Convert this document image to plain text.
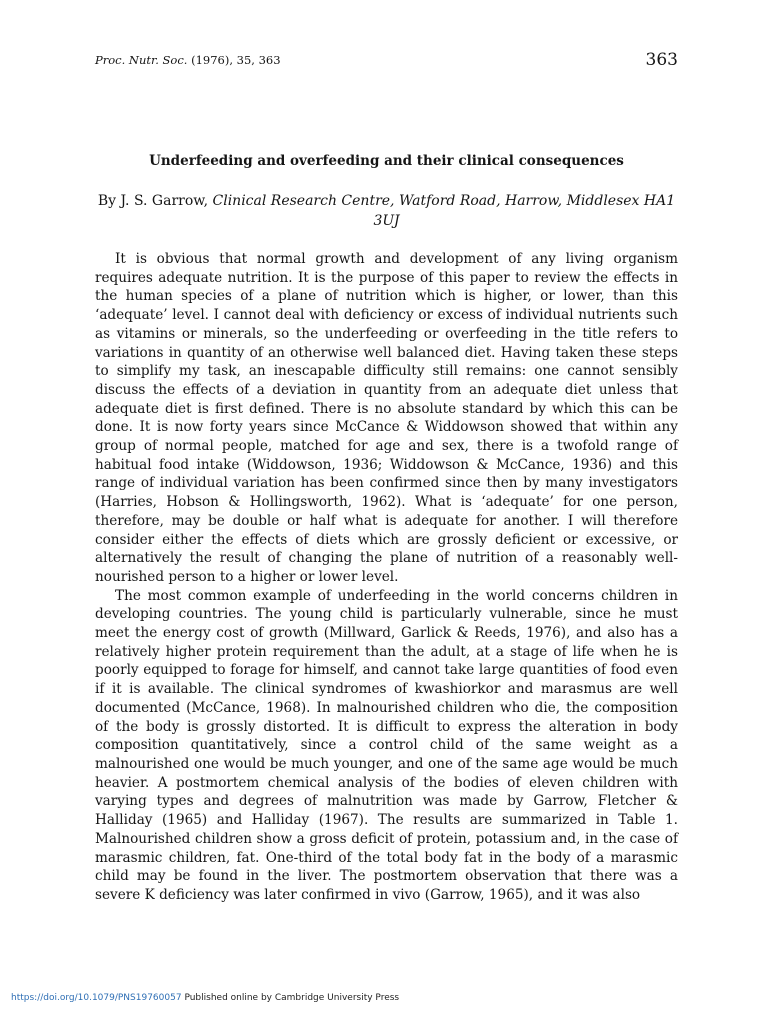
Proc. Nutr. Soc. (1976), 35, 363	363
Underfeeding and overfeeding and their clinical consequences
By J. S. Garrow, Clinical Research Centre, Watford Road, Harrow, Middlesex HA1 3UJ

It is obvious that normal growth and development of any living organism requires adequate nutrition. It is the purpose of this paper to review the effects in the human species of a plane of nutrition which is higher, or lower, than this ‘adequate’ level. I cannot deal with deficiency or excess of individual nutrients such as vitamins or minerals, so the underfeeding or overfeeding in the title refers to variations in quantity of an otherwise well balanced diet. Having taken these steps to simplify my task, an inescapable difficulty still remains: one cannot sensibly discuss the effects of a deviation in quantity from an adequate diet unless that adequate diet is first defined. There is no absolute standard by which this can be done. It is now forty years since McCance & Widdowson showed that within any group of normal people, matched for age and sex, there is a twofold range of habitual food intake (Widdowson, 1936; Widdowson & McCance, 1936) and this range of individual variation has been confirmed since then by many investigators (Harries, Hobson & Hollingsworth, 1962). What is ‘adequate’ for one person, therefore, may be double or half what is adequate for another. I will therefore consider either the effects of diets which are grossly deficient or excessive, or alternatively the result of changing the plane of nutrition of a reasonably well-nourished person to a higher or lower level.

The most common example of underfeeding in the world concerns children in developing countries. The young child is particularly vulnerable, since he must meet the energy cost of growth (Millward, Garlick & Reeds, 1976), and also has a relatively higher protein requirement than the adult, at a stage of life when he is poorly equipped to forage for himself, and cannot take large quantities of food even if it is available. The clinical syndromes of kwashiorkor and marasmus are well documented (McCance, 1968). In malnourished children who die, the composition of the body is grossly distorted. It is difficult to express the alteration in body composition quantitatively, since a control child of the same weight as a malnourished one would be much younger, and one of the same age would be much heavier. A postmortem chemical analysis of the bodies of eleven children with varying types and degrees of malnutrition was made by Garrow, Fletcher & Halliday (1965) and Halliday (1967). The results are summarized in Table 1. Malnourished children show a gross deficit of protein, potassium and, in the case of marasmic children, fat. One-third of the total body fat in the body of a marasmic child may be found in the liver. The postmortem observation that there was a severe K deficiency was later confirmed in vivo (Garrow, 1965), and it was also

https://doi.org/10.1079/PNS19760057 Published online by Cambridge University Press
